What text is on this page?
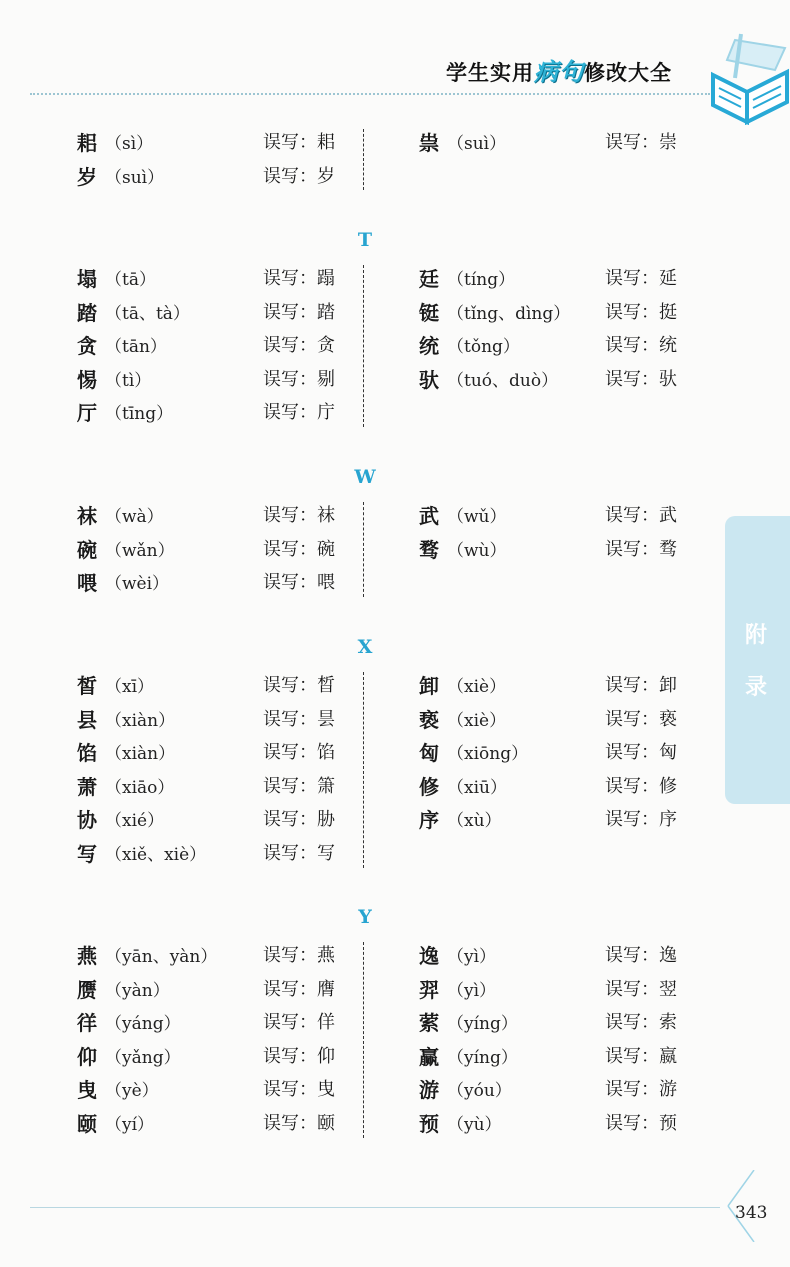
学生实用病句修改大全
耜 （sì）	误写：耜	祟 （suì）	误写：崇
岁 （suì）	误写：岁
T
塌 （tā）	误写：蹋	廷 （tíng）	误写：延
踏 （tā、tà）	误写：踏	铤 （tǐng、dìng） 误写：挺
贪 （tān）	误写：贪	统 （tǒng）	误写：统
惕 （tì）	误写：剔	驮 （tuó、duò）	误写：驮
厅 （tīng）	误写：庁
W
袜 （wà）	误写：袜	武 （wǔ）	误写：武
碗 （wǎn）	误写：碗	骛 （wù）	误写：骛
喂 （wèi）	误写：喂
X
皙 （xī）	误写：晳	卸 （xiè）	误写：卸
县 （xiàn）	误写：昙	亵 （xiè）	误写：亵
馅 （xiàn）	误写：馅	匈 （xiōng）	误写：匈
萧 （xiāo）	误写：箫	修 （xiū）	误写：修
协 （xié）	误写：胁	序 （xù）	误写：序
写 （xiě、xiè）	误写：写
Y
燕 （yān、yàn）	误写：燕	逸 （yì）	误写：逸
赝 （yàn）	误写：膺	羿 （yì）	误写：翌
徉 （yáng）	误写：佯	萦 （yíng）	误写：索
仰 （yǎng）	误写：仰	赢 （yíng）	误写：嬴
曳 （yè）	误写：曳	游 （yóu）	误写：游
颐 （yí）	误写：颐	预 （yù）	误写：预
附
录
343
